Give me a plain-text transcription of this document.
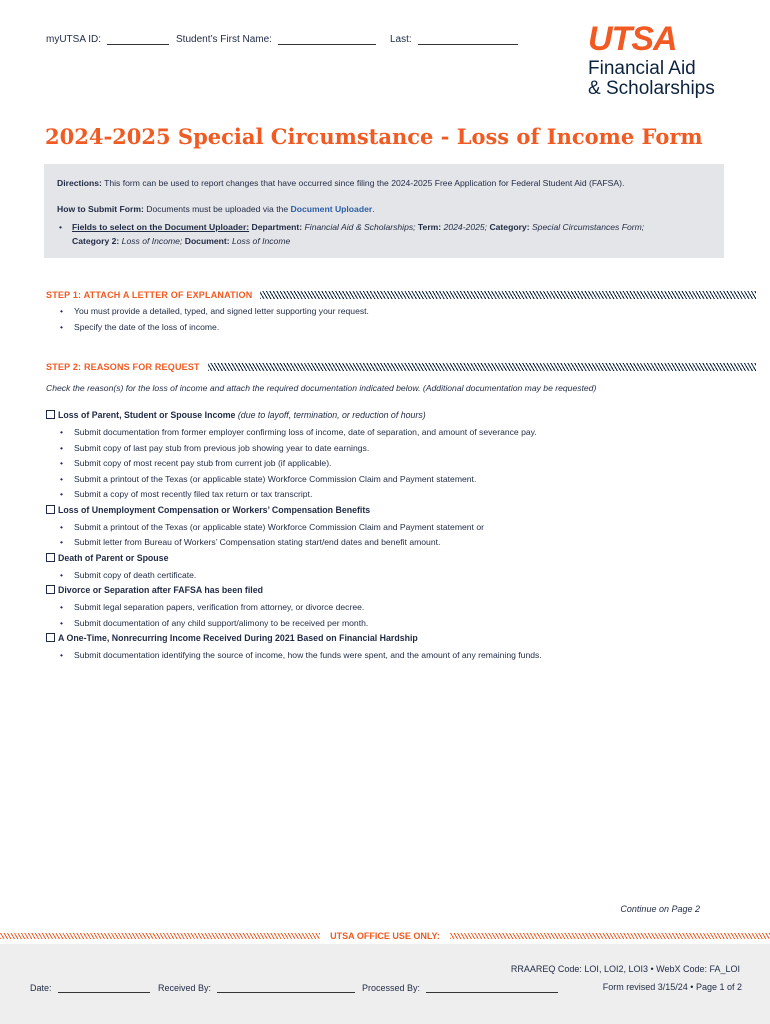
myUTSA ID:	Student’s First Name:	Last:	UTSA
Financial Aid
& Scholarships
2024-2025 Special Circumstance - Loss of Income Form
Directions: This form can be used to report changes that have occurred since filing the 2024-2025 Free Application for Federal Student Aid (FAFSA).
How to Submit Form: Documents must be uploaded via the Document Uploader.
• Fields to select on the Document Uploader: Department: Financial Aid & Scholarships; Term: 2024-2025; Category: Special Circumstances Form;
Category 2: Loss of Income; Document: Loss of Income
STEP 1: ATTACH A LETTER OF EXPLANATION
• You must provide a detailed, typed, and signed letter supporting your request.
• Specify the date of the loss of income.
STEP 2: REASONS FOR REQUEST
Check the reason(s) for the loss of income and attach the required documentation indicated below. (Additional documentation may be requested)
Loss of Parent, Student or Spouse Income (due to layoff, termination, or reduction of hours)
• Submit documentation from former employer confirming loss of income, date of separation, and amount of severance pay.
• Submit copy of last pay stub from previous job showing year to date earnings.
• Submit copy of most recent pay stub from current job (if applicable).
• Submit a printout of the Texas (or applicable state) Workforce Commission Claim and Payment statement.
• Submit a copy of most recently filed tax return or tax transcript.
Loss of Unemployment Compensation or Workers’ Compensation Benefits
• Submit a printout of the Texas (or applicable state) Workforce Commission Claim and Payment statement or
• Submit letter from Bureau of Workers’ Compensation stating start/end dates and benefit amount.
Death of Parent or Spouse
• Submit copy of death certificate.
Divorce or Separation after FAFSA has been filed
• Submit legal separation papers, verification from attorney, or divorce decree.
• Submit documentation of any child support/alimony to be received per month.
A One-Time, Nonrecurring Income Received During 2021 Based on Financial Hardship
• Submit documentation identifying the source of income, how the funds were spent, and the amount of any remaining funds.
Continue on Page 2
UTSA OFFICE USE ONLY:
RRAAREQ Code: LOI, LOI2, LOI3 • WebX Code: FA_LOI
Date:	Received By:	Processed By:	Form revised 3/15/24 • Page 1 of 2
